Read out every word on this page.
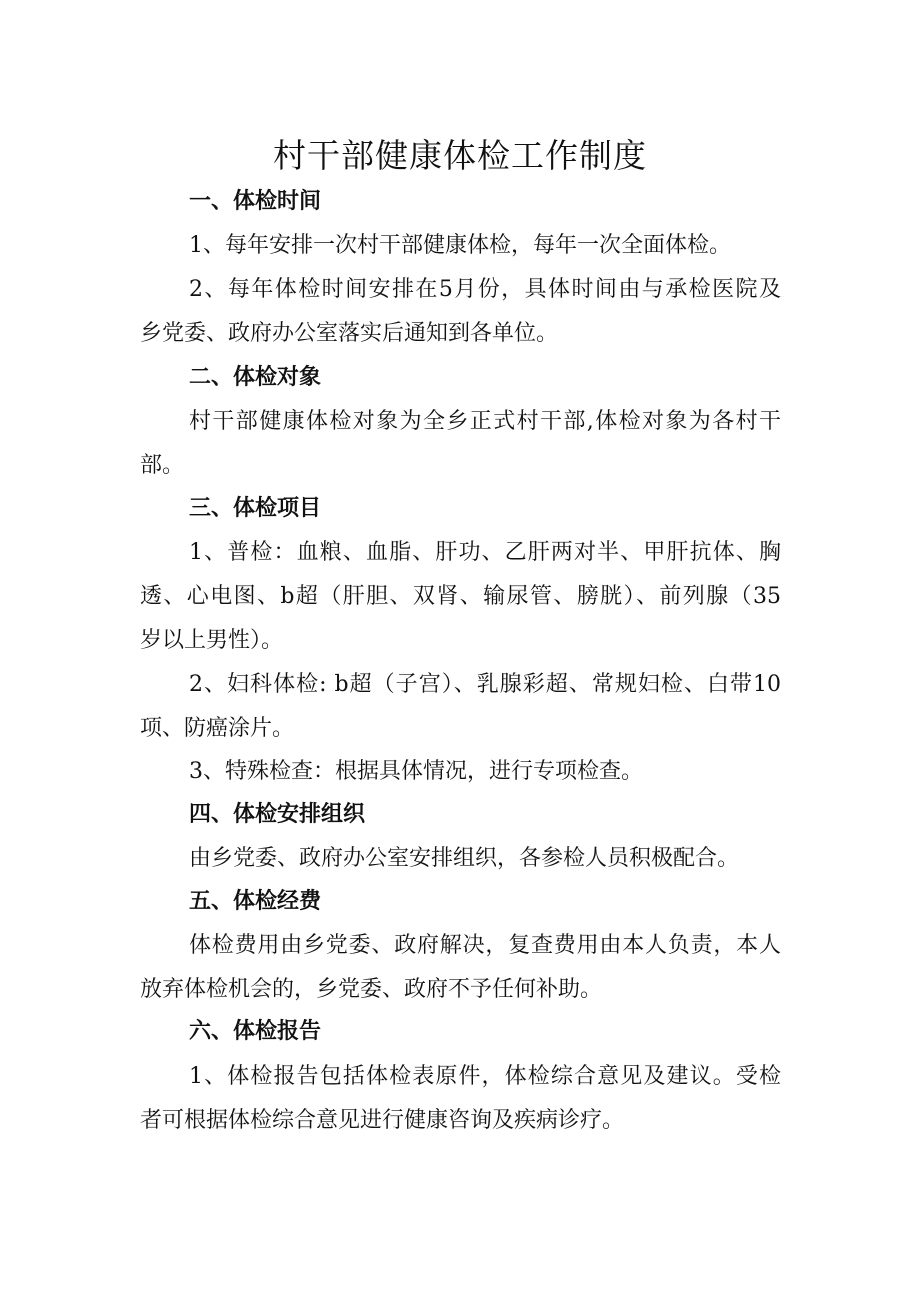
村干部健康体检工作制度
一、体检时间
1、每年安排一次村干部健康体检，每年一次全面体检。
2、每年体检时间安排在5月份，具体时间由与承检医院及
乡党委、政府办公室落实后通知到各单位。
二、体检对象
村干部健康体检对象为全乡正式村干部,体检对象为各村干
部。
三、体检项目
1、普检：血粮、血脂、肝功、乙肝两对半、甲肝抗体、胸
透、心电图、b超（肝胆、双肾、输尿管、膀胱）、前列腺（35
岁以上男性）。
2、妇科体检: b超（子宫）、乳腺彩超、常规妇检、白带10
项、防癌涂片。
3、特殊检查：根据具体情况，进行专项检查。
四、体检安排组织
由乡党委、政府办公室安排组织，各参检人员积极配合。
五、体检经费
体检费用由乡党委、政府解决，复查费用由本人负责，本人
放弃体检机会的，乡党委、政府不予任何补助。
六、体检报告
1、体检报告包括体检表原件，体检综合意见及建议。受检
者可根据体检综合意见进行健康咨询及疾病诊疗。
